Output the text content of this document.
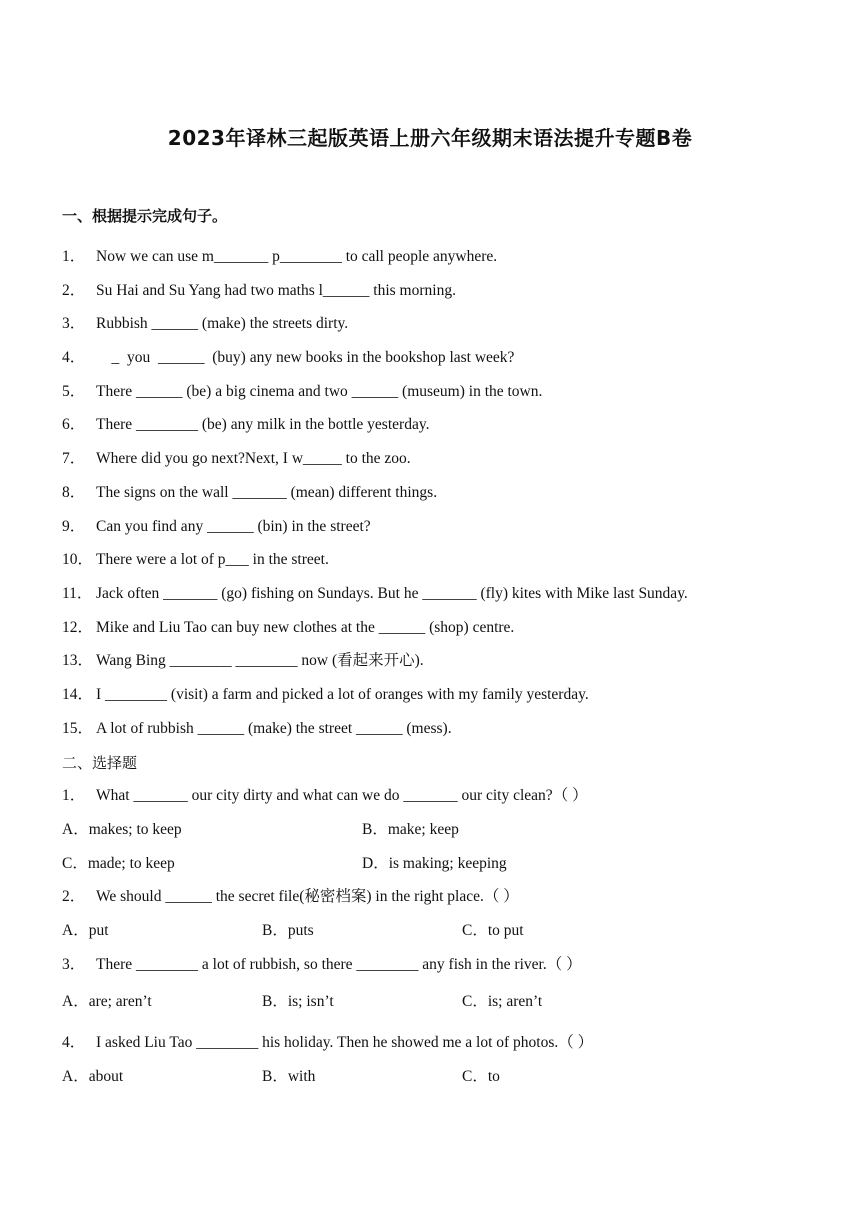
2023年译林三起版英语上册六年级期末语法提升专题B卷
一、根据提示完成句子。
1． Now we can use m_______ p________ to call people anywhere.
2． Su Hai and Su Yang had two maths l______ this morning.
3． Rubbish ______ (make) the streets dirty.
4．    _  you  ______  (buy) any new books in the bookshop last week?
5． There ______ (be) a big cinema and two ______ (museum) in the town.
6． There ________ (be) any milk in the bottle yesterday.
7． Where did you go next?Next, I w_____ to the zoo.
8． The signs on the wall _______ (mean) different things.
9． Can you find any ______ (bin) in the street?
10． There were a lot of p___ in the street.
11． Jack often _______ (go) fishing on Sundays. But he _______ (fly) kites with Mike last Sunday.
12． Mike and Liu Tao can buy new clothes at the ______ (shop) centre.
13． Wang Bing ________ ________ now (看起来开心).
14． I ________ (visit) a farm and picked a lot of oranges with my family yesterday.
15． A lot of rubbish ______ (make) the street ______ (mess).
二、选择题
1． What _______ our city dirty and what can we do _______ our city clean?（ ）
A．makes; to keep	B．make; keep
C．made; to keep	D．is making; keeping
2． We should ______ the secret file(秘密档案) in the right place.（ ）
A．put	B．puts	C．to put
3． There ________ a lot of rubbish, so there ________ any fish in the river.（ ）
A．are; aren’t	B．is; isn’t	C．is; aren’t
4． I asked Liu Tao ________ his holiday. Then he showed me a lot of photos.（ ）
A．about	B．with	C．to
